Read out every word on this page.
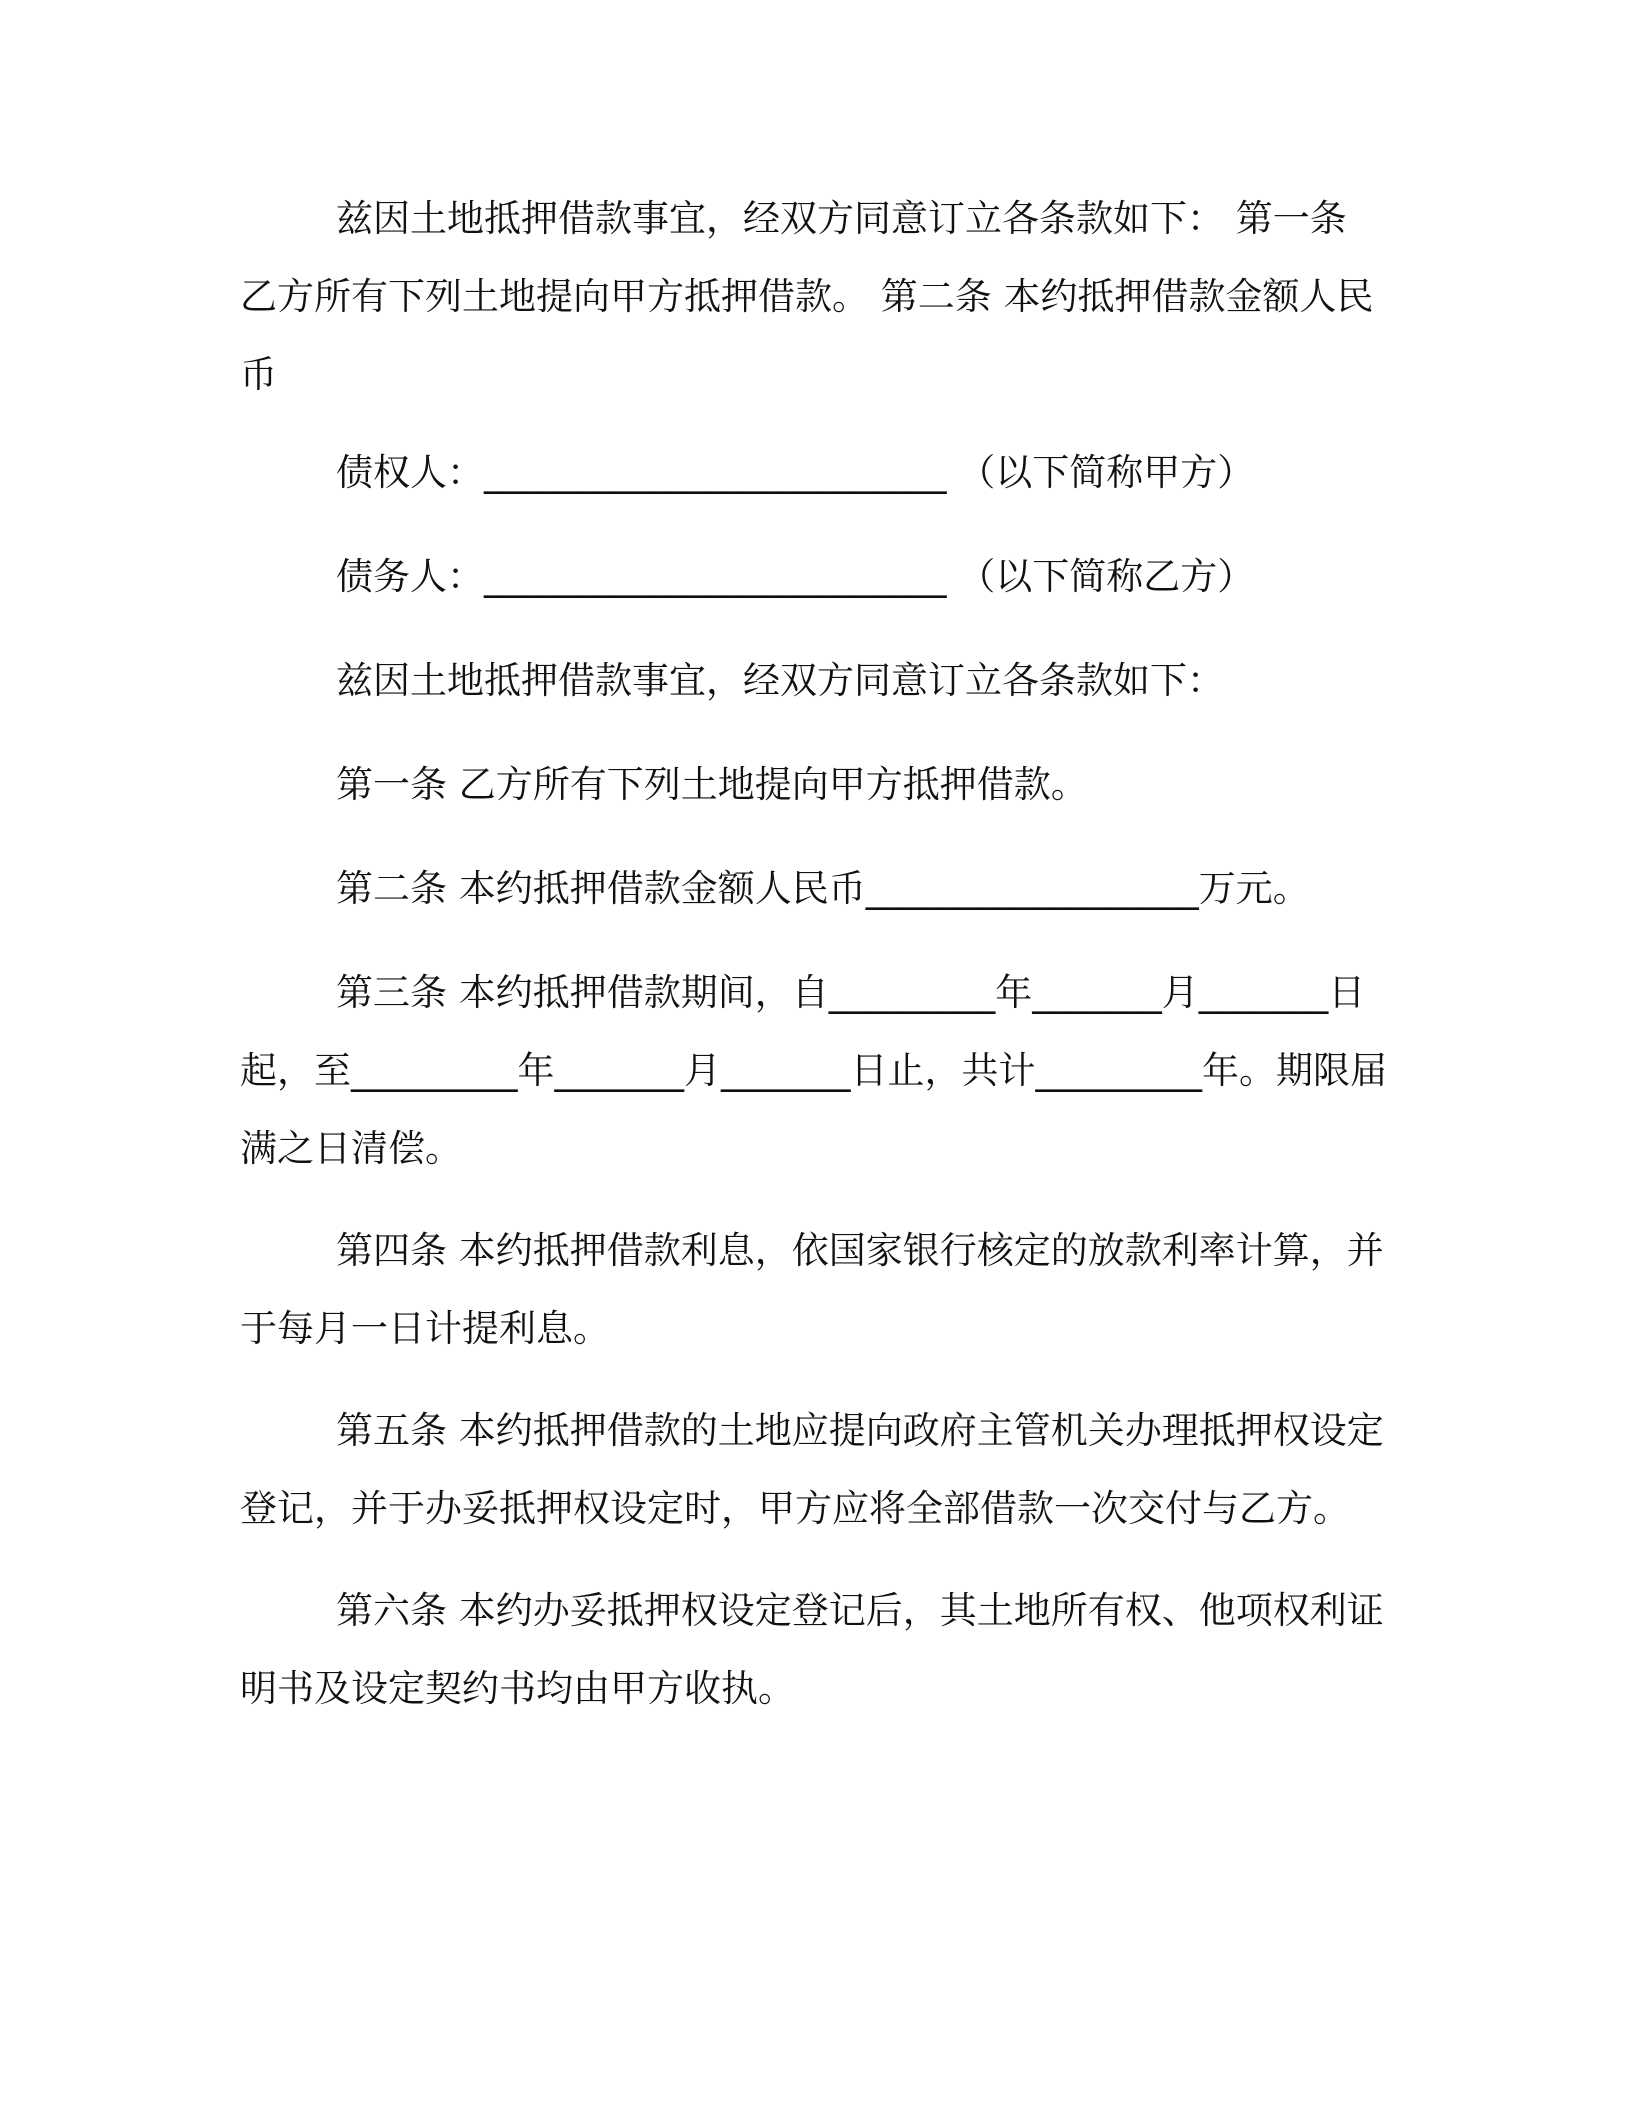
兹因土地抵押借款事宜，经双方同意订立各条款如下： 第一条 乙方所有下列土地提向甲方抵押借款。 第二条 本约抵押借款金额人民币

债权人：_________________________ （以下简称甲方）

债务人：_________________________ （以下简称乙方）

兹因土地抵押借款事宜，经双方同意订立各条款如下：

第一条 乙方所有下列土地提向甲方抵押借款。

第二条 本约抵押借款金额人民币__________________万元。

第三条 本约抵押借款期间，自_________年_______月_______日起，至_________年_______月_______日止，共计_________年。期限届满之日清偿。

第四条 本约抵押借款利息，依国家银行核定的放款利率计算，并于每月一日计提利息。

第五条 本约抵押借款的土地应提向政府主管机关办理抵押权设定登记，并于办妥抵押权设定时，甲方应将全部借款一次交付与乙方。

第六条 本约办妥抵押权设定登记后，其土地所有权、他项权利证明书及设定契约书均由甲方收执。
